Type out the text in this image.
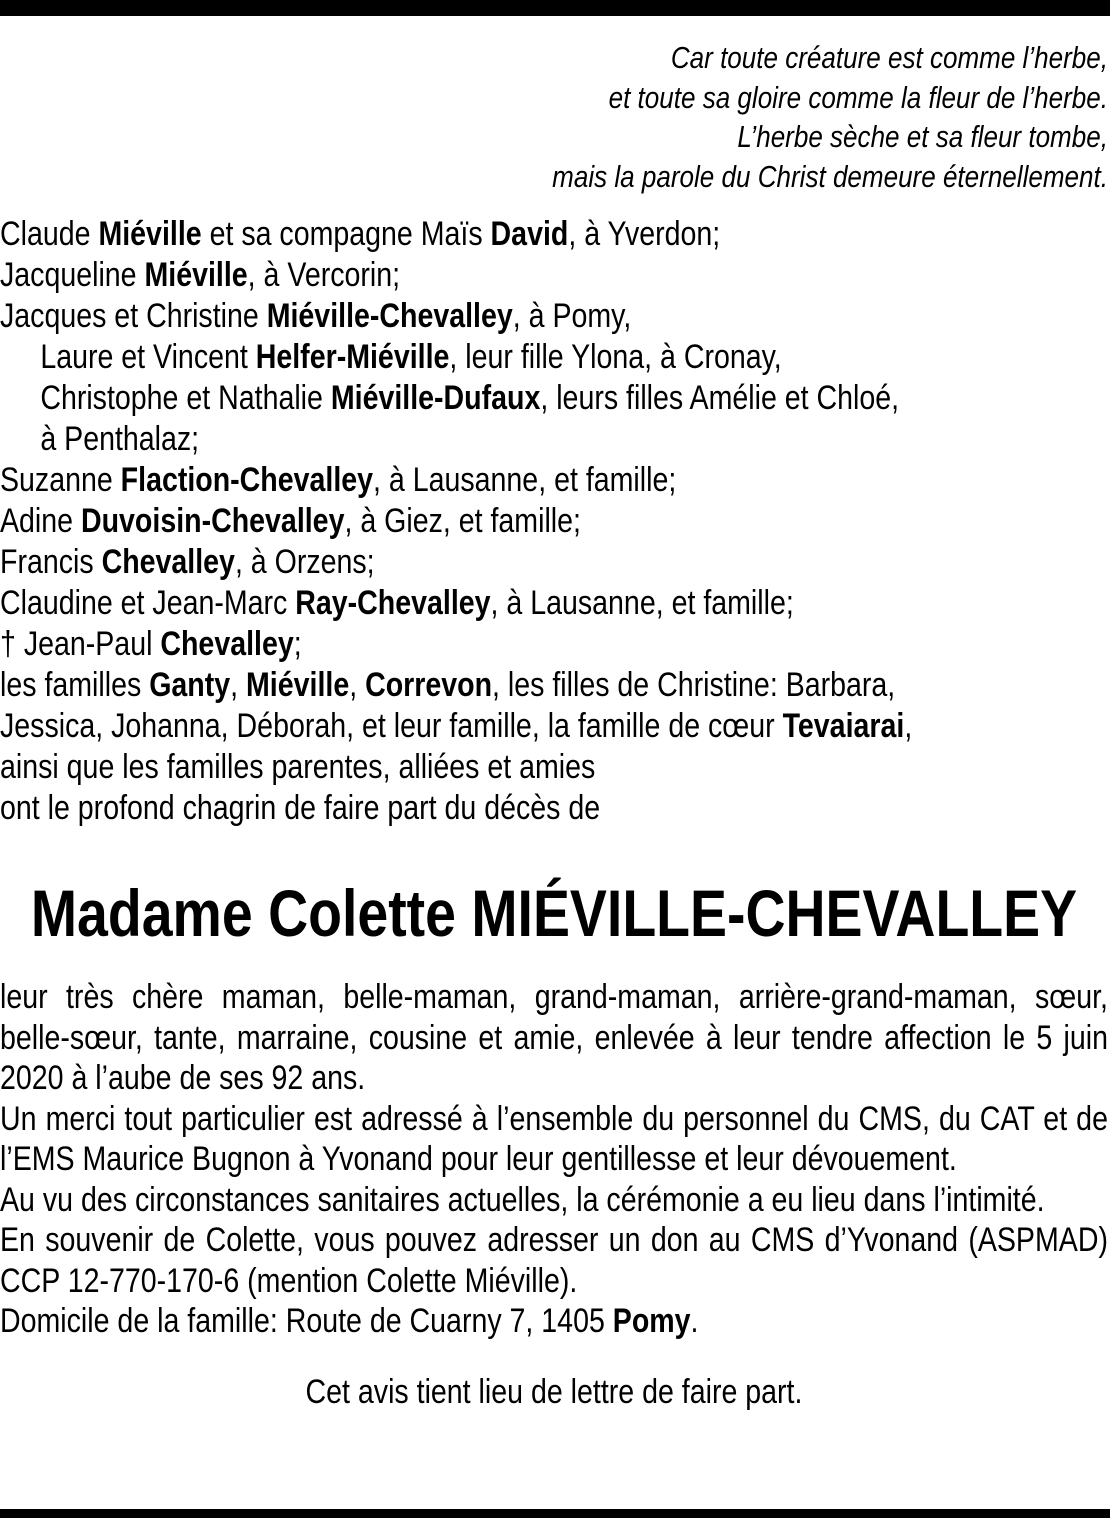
Car toute créature est comme l’herbe,
et toute sa gloire comme la fleur de l’herbe.
L’herbe sèche et sa fleur tombe,
mais la parole du Christ demeure éternellement.
Claude Miéville et sa compagne Maïs David, à Yverdon;
Jacqueline Miéville, à Vercorin;
Jacques et Christine Miéville-Chevalley, à Pomy,
Laure et Vincent Helfer-Miéville, leur fille Ylona, à Cronay,
Christophe et Nathalie Miéville-Dufaux, leurs filles Amélie et Chloé,
à Penthalaz;
Suzanne Flaction-Chevalley, à Lausanne, et famille;
Adine Duvoisin-Chevalley, à Giez, et famille;
Francis Chevalley, à Orzens;
Claudine et Jean-Marc Ray-Chevalley, à Lausanne, et famille;
† Jean-Paul Chevalley;
les familles Ganty, Miéville, Correvon, les filles de Christine: Barbara,
Jessica, Johanna, Déborah, et leur famille, la famille de cœur Tevaiarai,
ainsi que les familles parentes, alliées et amies
ont le profond chagrin de faire part du décès de
Madame Colette MIÉVILLE-CHEVALLEY

leur très chère maman, belle-maman, grand-maman, arrière-grand-maman, sœur, belle-sœur, tante, marraine, cousine et amie, enlevée à leur tendre affection le 5 juin 2020 à l’aube de ses 92 ans.

Un merci tout particulier est adressé à l’ensemble du personnel du CMS, du CAT et de l’EMS Maurice Bugnon à Yvonand pour leur gentillesse et leur dévouement.

Au vu des circonstances sanitaires actuelles, la cérémonie a eu lieu dans l’intimité.

En souvenir de Colette, vous pouvez adresser un don au CMS d’Yvonand (ASPMAD) CCP 12-770-170-6 (mention Colette Miéville).

Domicile de la famille: Route de Cuarny 7, 1405 Pomy.

Cet avis tient lieu de lettre de faire part.
